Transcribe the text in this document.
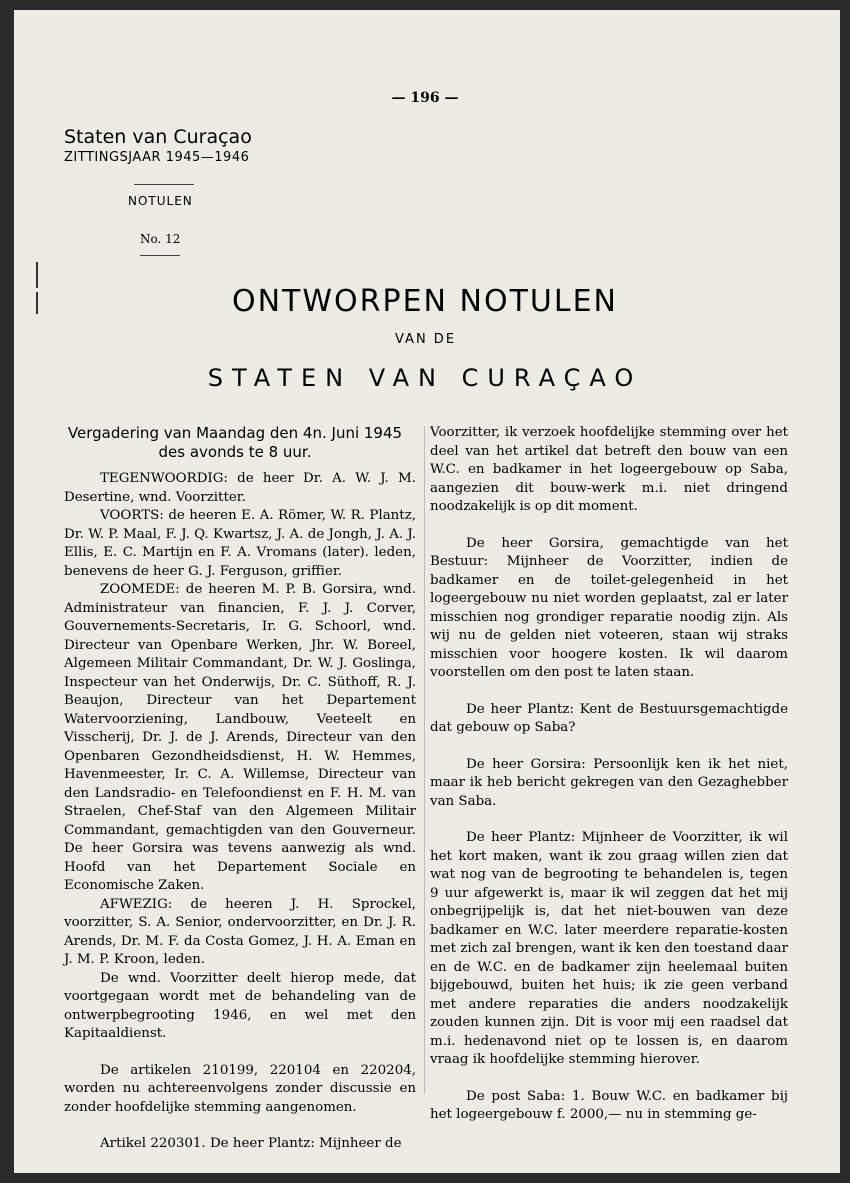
— 196 —
Staten van Curaçao
ZITTINGSJAAR 1945—1946
NOTULEN
No. 12
ONTWORPEN NOTULEN
VAN DE
STATEN VAN CURAÇAO

Vergadering van Maandag den 4n. Juni 1945 des avonds te 8 uur.

TEGENWOORDIG: de heer Dr. A. W. J. M. Desertine, wnd. Voorzitter.

VOORTS: de heeren E. A. Römer, W. R. Plantz, Dr. W. P. Maal, F. J. Q. Kwartsz, J. A. de Jongh, J. A. J. Ellis, E. C. Martijn en F. A. Vromans (later). leden, benevens de heer G. J. Ferguson, griffier.

ZOOMEDE: de heeren M. P. B. Gorsira, wnd. Administrateur van financien, F. J. J. Corver, Gouvernements-Secretaris, Ir. G. Schoorl, wnd. Directeur van Openbare Werken, Jhr. W. Boreel, Algemeen Militair Commandant, Dr. W. J. Goslinga, Inspecteur van het Onderwijs, Dr. C. Süthoff, R. J. Beaujon, Directeur van het Departement Watervoorziening, Landbouw, Veeteelt en Visscherij, Dr. J. de J. Arends, Directeur van den Openbaren Gezondheidsdienst, H. W. Hemmes, Havenmeester, Ir. C. A. Willemse, Directeur van den Landsradio- en Telefoondienst en F. H. M. van Straelen, Chef-Staf van den Algemeen Militair Commandant, gemachtigden van den Gouverneur. De heer Gorsira was tevens aanwezig als wnd. Hoofd van het Departement Sociale en Economische Zaken.

AFWEZIG: de heeren J. H. Sprockel, voorzitter, S. A. Senior, ondervoorzitter, en Dr. J. R. Arends, Dr. M. F. da Costa Gomez, J. H. A. Eman en J. M. P. Kroon, leden.

De wnd. Voorzitter deelt hierop mede, dat voortgegaan wordt met de behandeling van de ontwerpbegrooting 1946, en wel met den Kapitaaldienst.

De artikelen 210199, 220104 en 220204, worden nu achtereenvolgens zonder discussie en zonder hoofdelijke stemming aangenomen.

Artikel 220301. De heer Plantz: Mijnheer de

Voorzitter, ik verzoek hoofdelijke stemming over het deel van het artikel dat betreft den bouw van een W.C. en badkamer in het logeergebouw op Saba, aangezien dit bouw-werk m.i. niet dringend noodzakelijk is op dit moment.

De heer Gorsira, gemachtigde van het Bestuur: Mijnheer de Voorzitter, indien de badkamer en de toilet-gelegenheid in het logeergebouw nu niet worden geplaatst, zal er later misschien nog grondiger reparatie noodig zijn. Als wij nu de gelden niet voteeren, staan wij straks misschien voor hoogere kosten. Ik wil daarom voorstellen om den post te laten staan.

De heer Plantz: Kent de Bestuursgemachtigde dat gebouw op Saba?

De heer Gorsira: Persoonlijk ken ik het niet, maar ik heb bericht gekregen van den Gezaghebber van Saba.

De heer Plantz: Mijnheer de Voorzitter, ik wil het kort maken, want ik zou graag willen zien dat wat nog van de begrooting te behandelen is, tegen 9 uur afgewerkt is, maar ik wil zeggen dat het mij onbegrijpelijk is, dat het niet-bouwen van deze badkamer en W.C. later meerdere reparatie-kosten met zich zal brengen, want ik ken den toestand daar en de W.C. en de badkamer zijn heelemaal buiten bijgebouwd, buiten het huis; ik zie geen verband met andere reparaties die anders noodzakelijk zouden kunnen zijn. Dit is voor mij een raadsel dat m.i. hedenavond niet op te lossen is, en daarom vraag ik hoofdelijke stemming hierover.

De post Saba: 1. Bouw W.C. en badkamer bij het logeergebouw f. 2000,— nu in stemming ge-
